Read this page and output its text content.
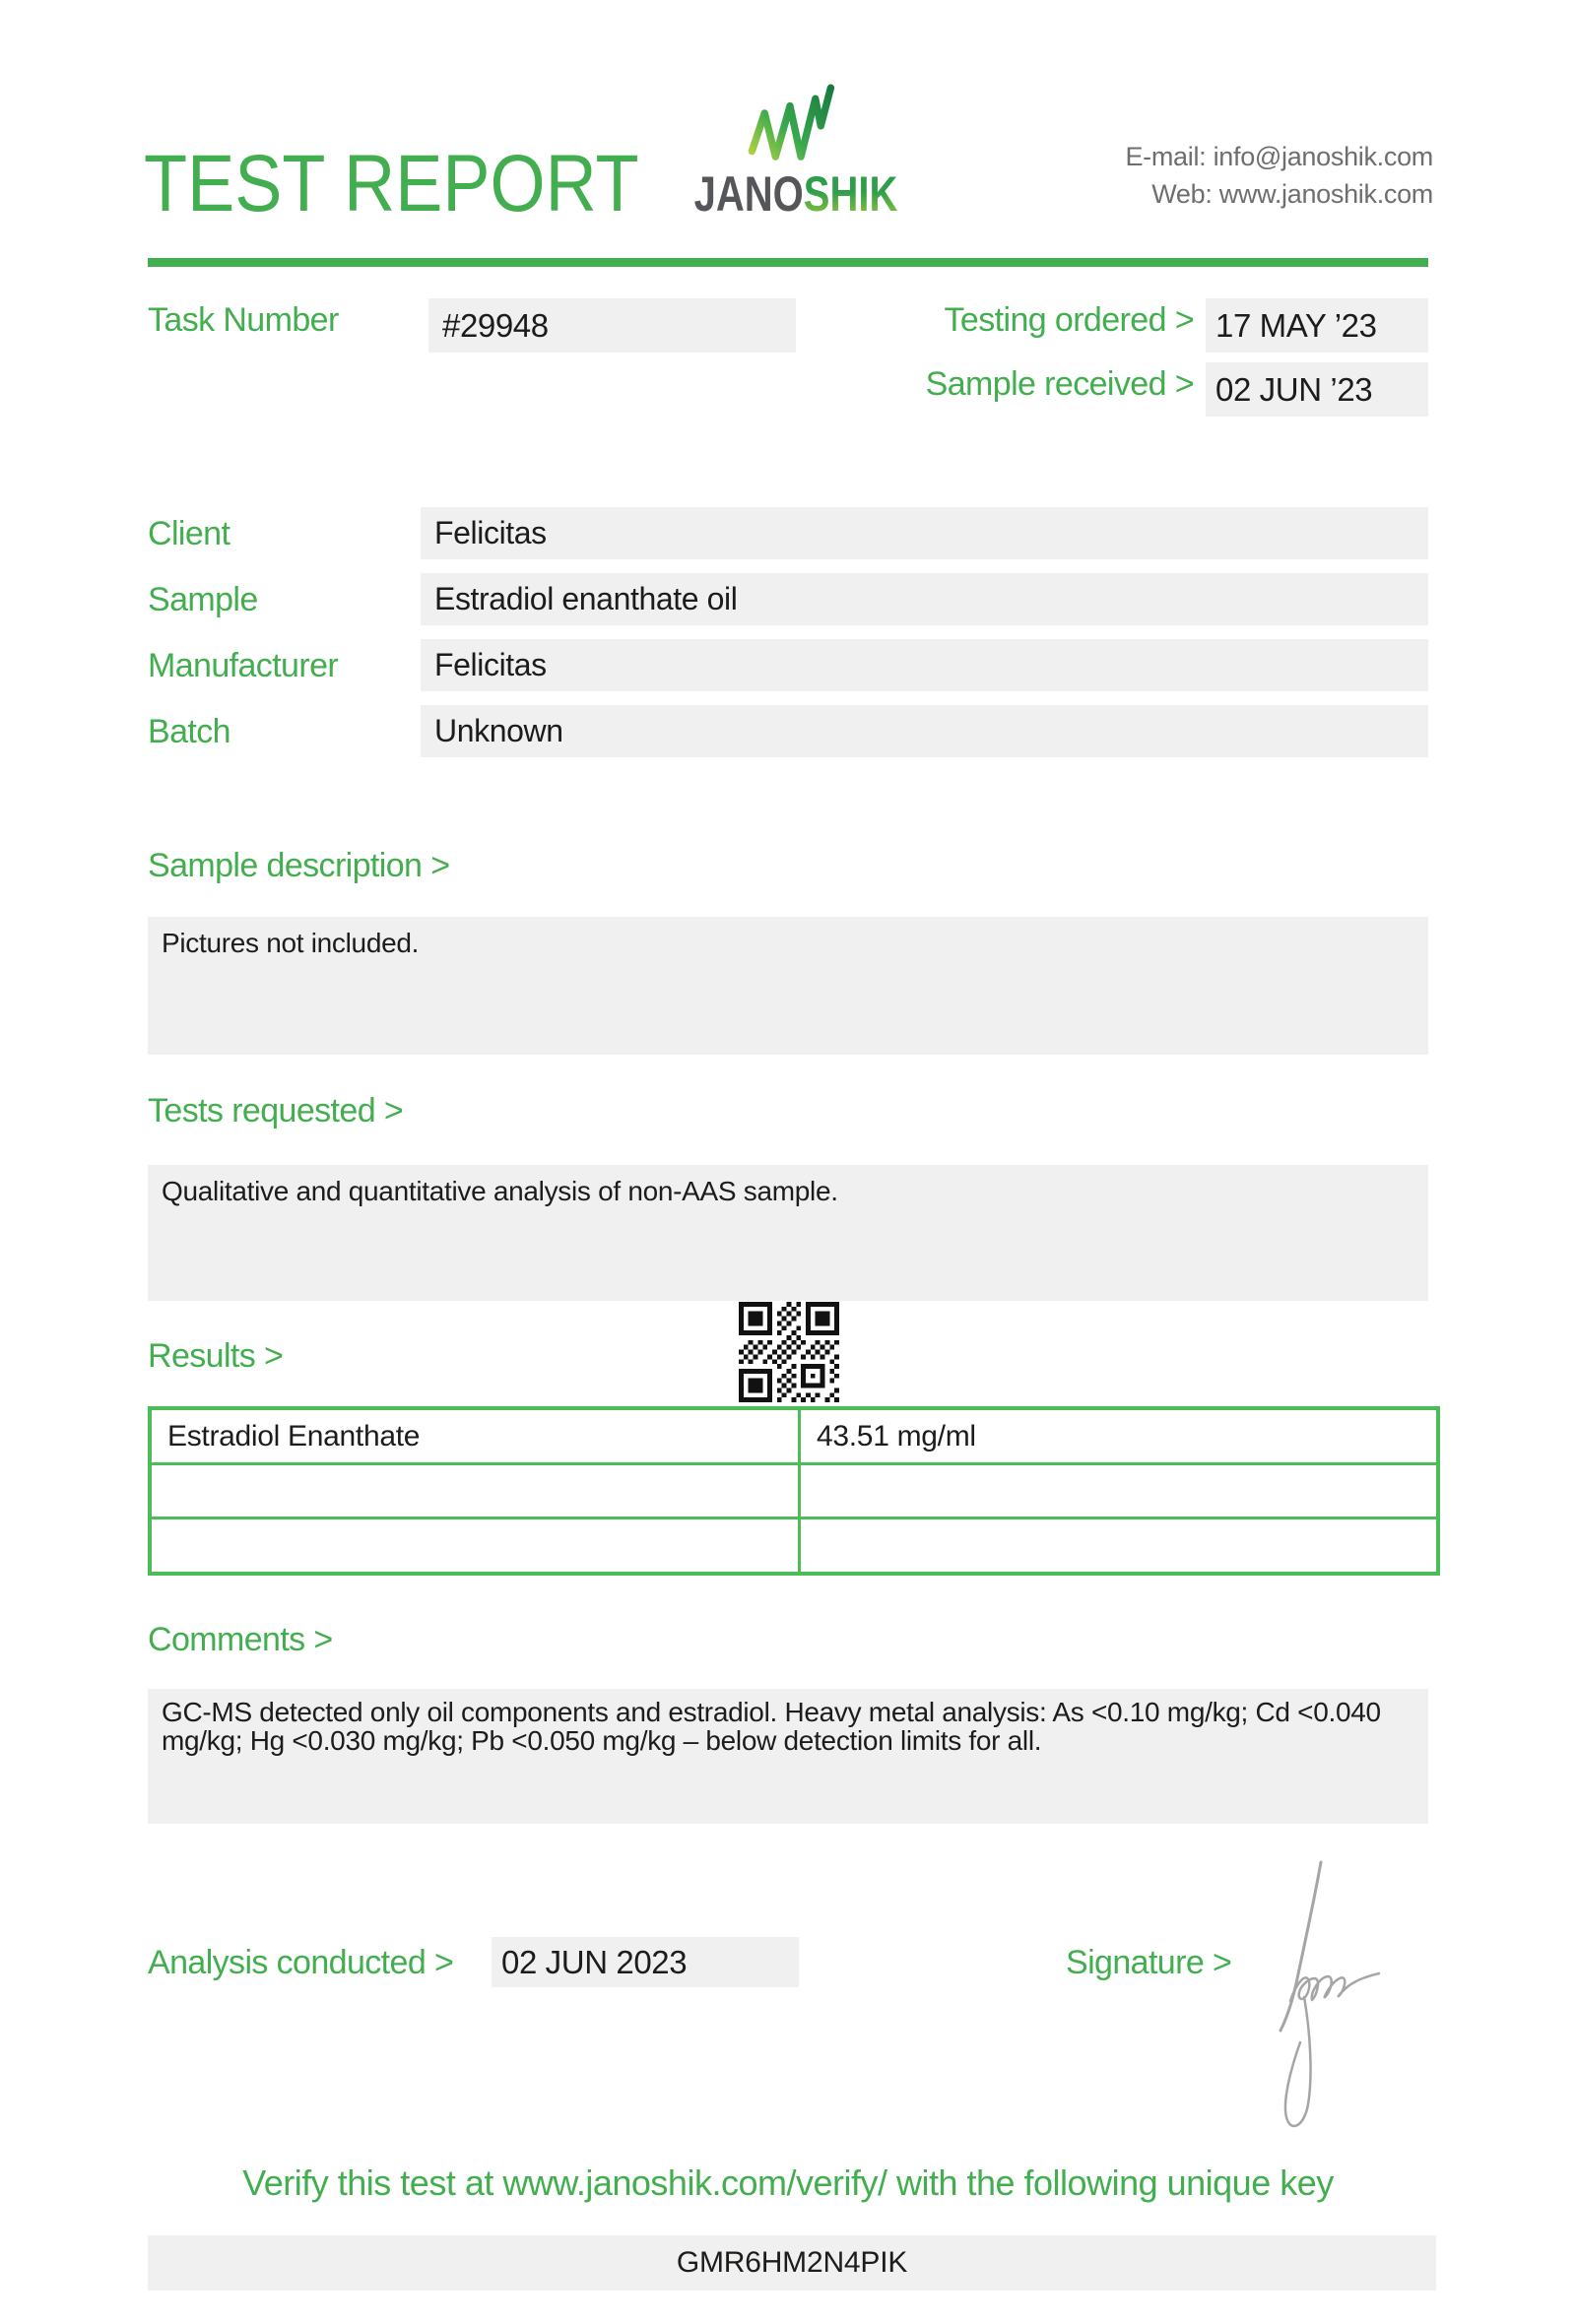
TEST REPORT	JANOSHIK
E-mail: info@janoshik.com
Web: www.janoshik.com
Task Number	#29948	Testing ordered > 17 MAY ’23
Sample received > 02 JUN ’23
Client	Felicitas
Sample	Estradiol enanthate oil
Manufacturer	Felicitas
Batch	Unknown
Sample description >
Pictures not included.
Tests requested >
Qualitative and quantitative analysis of non-AAS sample.
Results >
Estradiol Enanthate	43.51 mg/ml
Comments >
GC-MS detected only oil components and estradiol. Heavy metal analysis: As <0.10 mg/kg; Cd <0.040 mg/kg; Hg <0.030 mg/kg; Pb <0.050 mg/kg – below detection limits for all.
Analysis conducted >	02 JUN 2023	Signature >
Verify this test at www.janoshik.com/verify/ with the following unique key
GMR6HM2N4PIK
